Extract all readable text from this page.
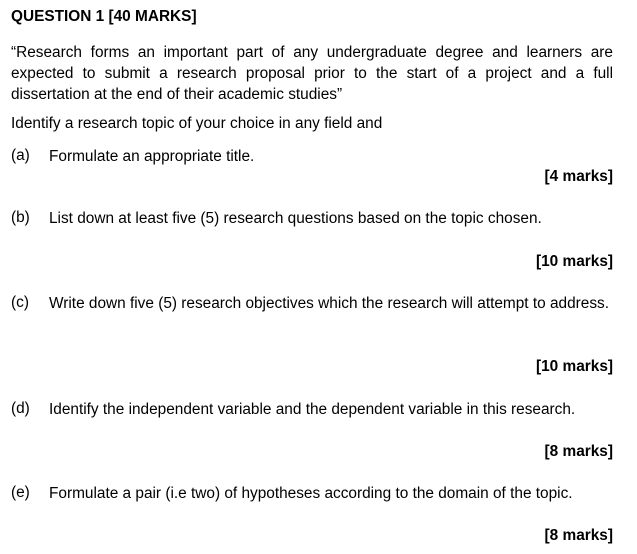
QUESTION 1 [40 MARKS]
“Research forms an important part of any undergraduate degree and learners are expected to submit a research proposal prior to the start of a project and a full dissertation at the end of their academic studies”
Identify a research topic of your choice in any field and
(a) Formulate an appropriate title.
[4 marks]
(b) List down at least five (5) research questions based on the topic chosen.
[10 marks]
(c) Write down five (5) research objectives which the research will attempt to address.
[10 marks]
(d) Identify the independent variable and the dependent variable in this research.
[8 marks]
(e) Formulate a pair (i.e two) of hypotheses according to the domain of the topic.
[8 marks]
